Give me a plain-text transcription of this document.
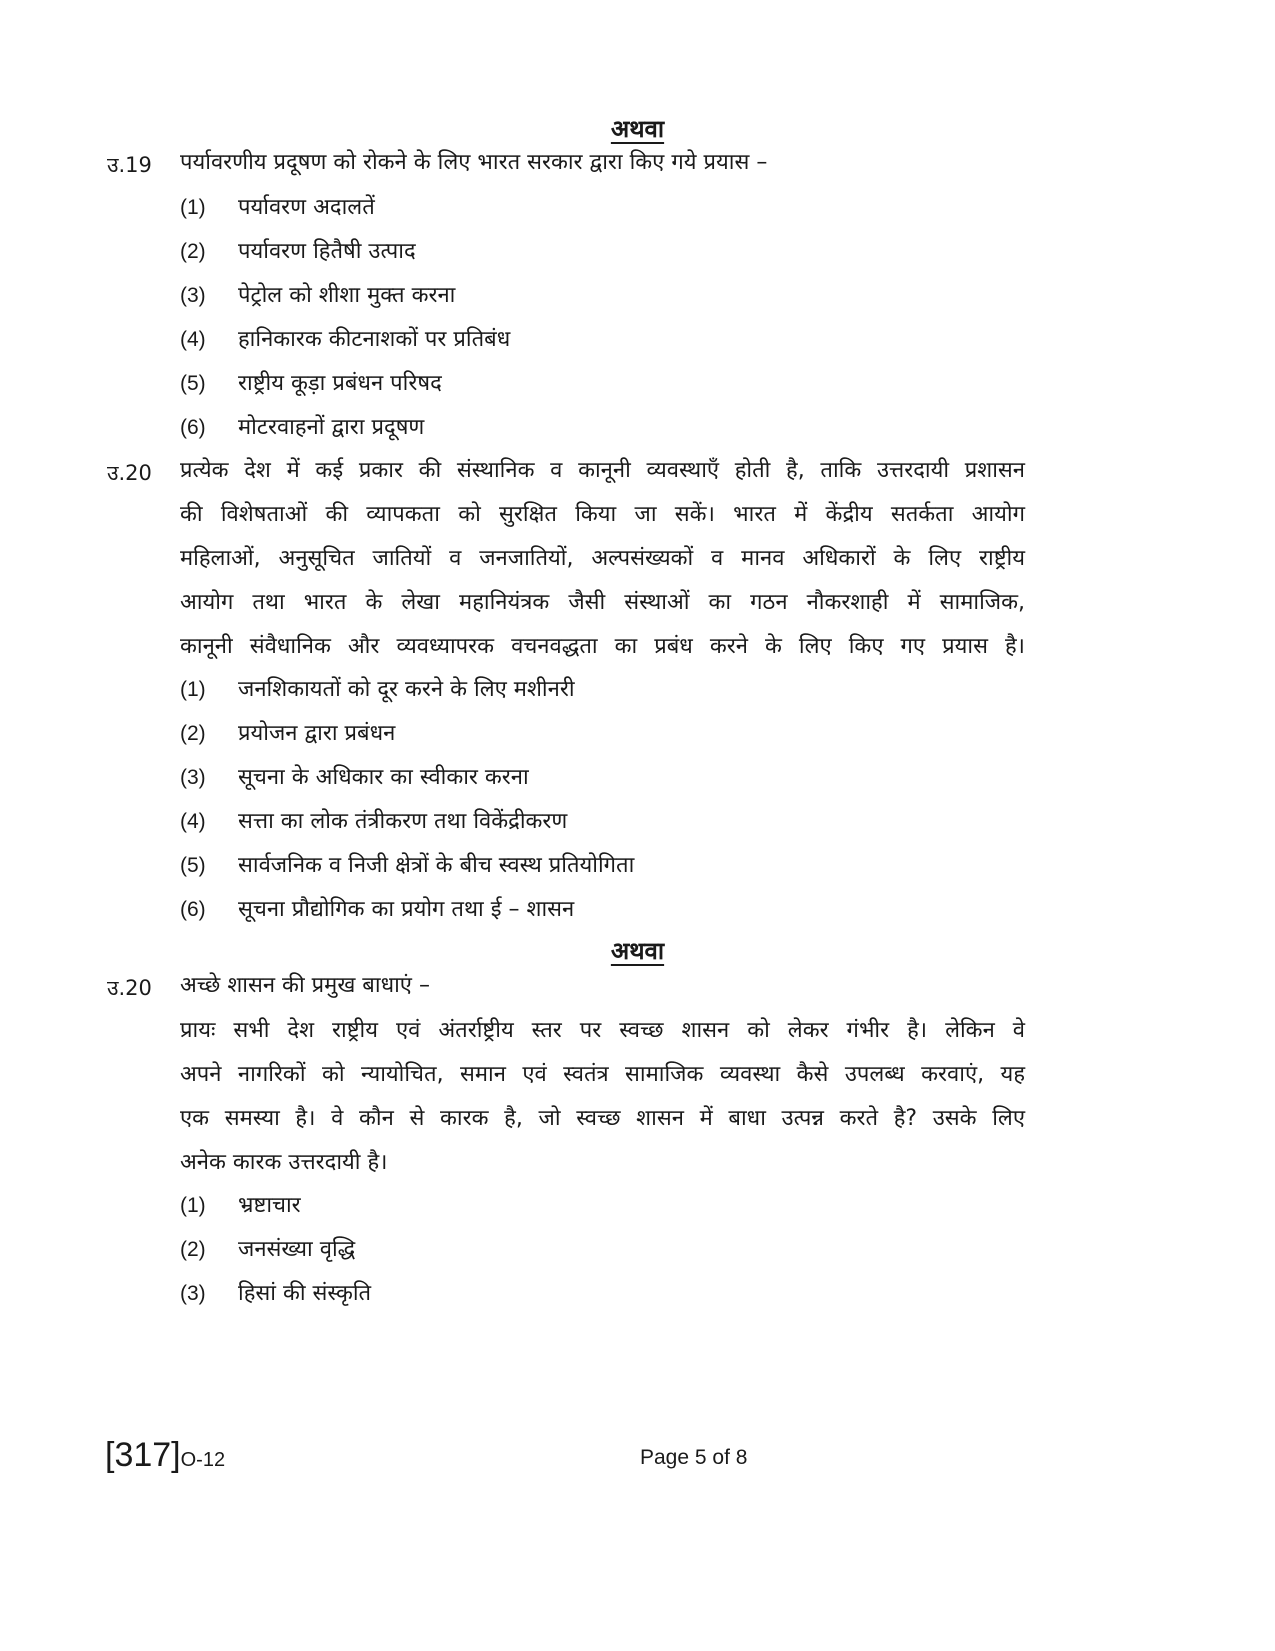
अथवा
उ.19 पर्यावरणीय प्रदूषण को रोकने के लिए भारत सरकार द्वारा किए गये प्रयास –
(1) पर्यावरण अदालतें
(2) पर्यावरण हितैषी उत्पाद
(3) पेट्रोल को शीशा मुक्त करना
(4) हानिकारक कीटनाशकों पर प्रतिबंध
(5) राष्ट्रीय कूड़ा प्रबंधन परिषद
(6) मोटरवाहनों द्वारा प्रदूषण
उ.20 प्रत्येक देश में कई प्रकार की संस्थानिक व कानूनी व्यवस्थाएँ होती है, ताकि उत्तरदायी प्रशासन
की विशेषताओं की व्यापकता को सुरक्षित किया जा सकें। भारत में केंद्रीय सतर्कता आयोग
महिलाओं, अनुसूचित जातियों व जनजातियों, अल्पसंख्यकों व मानव अधिकारों के लिए राष्ट्रीय
आयोग तथा भारत के लेखा महानियंत्रक जैसी संस्थाओं का गठन नौकरशाही में सामाजिक,
कानूनी संवैधानिक और व्यवध्यापरक वचनवद्धता का प्रबंध करने के लिए किए गए प्रयास है।
(1) जनशिकायतों को दूर करने के लिए मशीनरी
(2) प्रयोजन द्वारा प्रबंधन
(3) सूचना के अधिकार का स्वीकार करना
(4) सत्ता का लोक तंत्रीकरण तथा विकेंद्रीकरण
(5) सार्वजनिक व निजी क्षेत्रों के बीच स्वस्थ प्रतियोगिता
(6) सूचना प्रौद्योगिक का प्रयोग तथा ई – शासन
अथवा
उ.20 अच्छे शासन की प्रमुख बाधाएं –
प्रायः सभी देश राष्ट्रीय एवं अंतर्राष्ट्रीय स्तर पर स्वच्छ शासन को लेकर गंभीर है। लेकिन वे
अपने नागरिकों को न्यायोचित, समान एवं स्वतंत्र सामाजिक व्यवस्था कैसे उपलब्ध करवाएं, यह
एक समस्या है। वे कौन से कारक है, जो स्वच्छ शासन में बाधा उत्पन्न करते है? उसके लिए
अनेक कारक उत्तरदायी है।
(1) भ्रष्टाचार
(2) जनसंख्या वृद्धि
(3) हिसां की संस्कृति
[317]O-12	Page 5 of 8
